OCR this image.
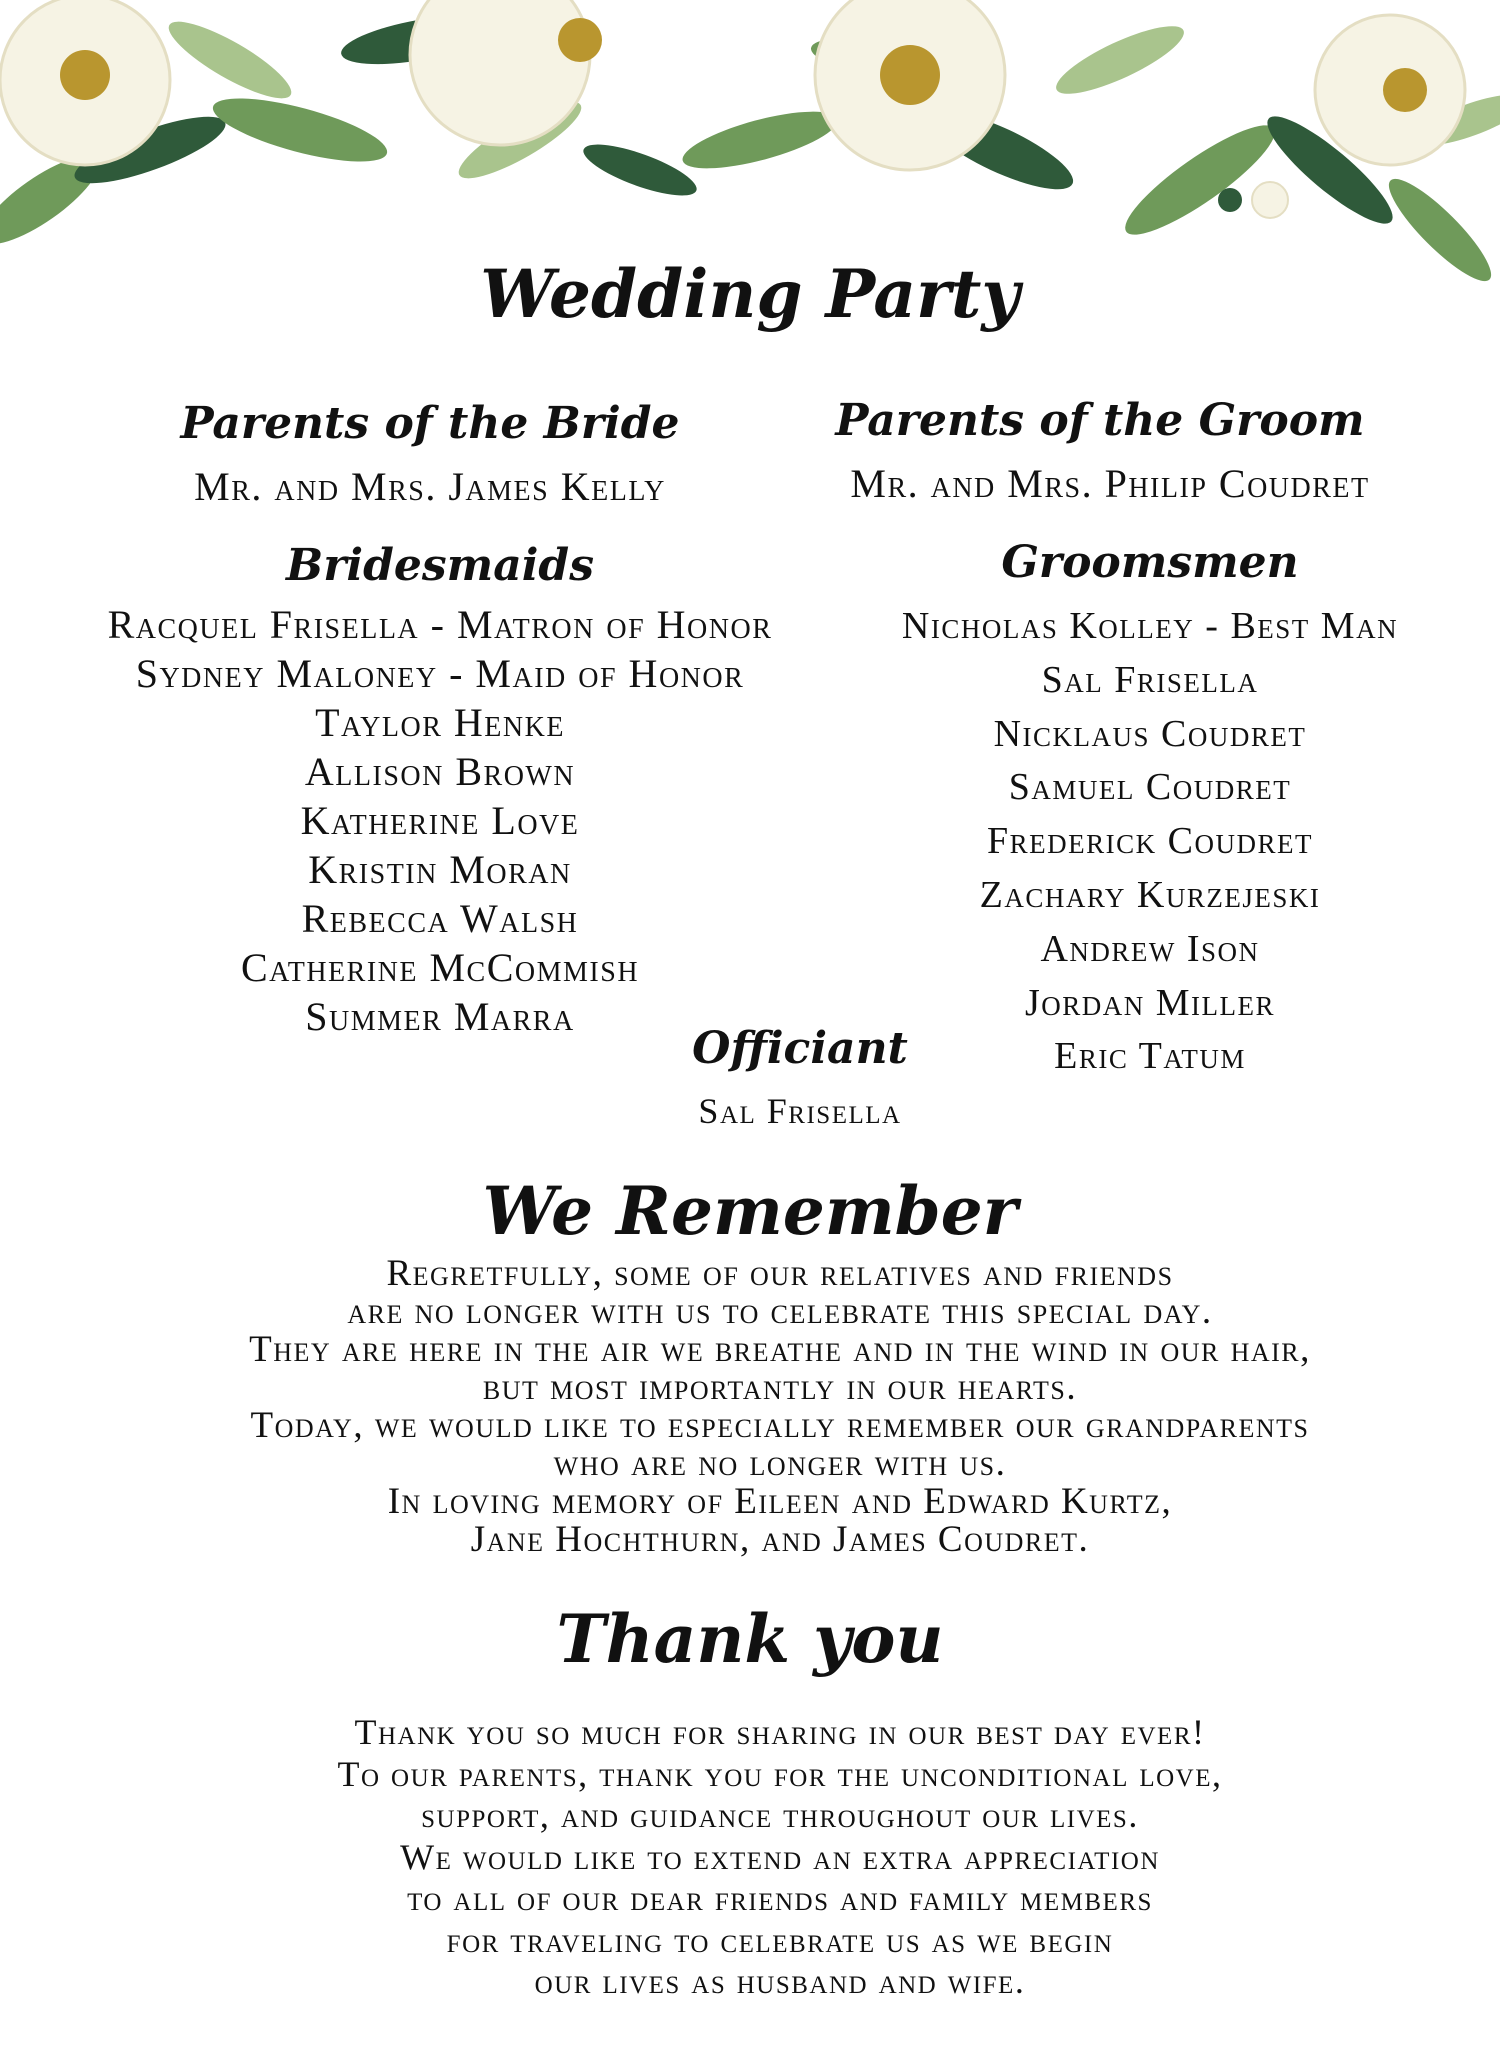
Wedding Party
Parents of the Bride
Mr. and Mrs. James Kelly
Parents of the Groom
Mr. and Mrs. Philip Coudret
Bridesmaids
Racquel Frisella - Matron of Honor
Sydney Maloney - Maid of Honor
Taylor Henke
Allison Brown
Katherine Love
Kristin Moran
Rebecca Walsh
Catherine McCommish
Summer Marra
Groomsmen
Nicholas Kolley - Best Man
Sal Frisella
Nicklaus Coudret
Samuel Coudret
Frederick Coudret
Zachary Kurzejeski
Andrew Ison
Jordan Miller
Eric Tatum
Officiant
Sal Frisella
We Remember
Regretfully, some of our relatives and friends
are no longer with us to celebrate this special day.
They are here in the air we breathe and in the wind in our hair,
but most importantly in our hearts.
Today, we would like to especially remember our grandparents
who are no longer with us.
In loving memory of Eileen and Edward Kurtz,
Jane Hochthurn, and James Coudret.
Thank you
Thank you so much for sharing in our best day ever!
To our parents, thank you for the unconditional love,
support, and guidance throughout our lives.
We would like to extend an extra appreciation
to all of our dear friends and family members
for traveling to celebrate us as we begin
our lives as husband and wife.
